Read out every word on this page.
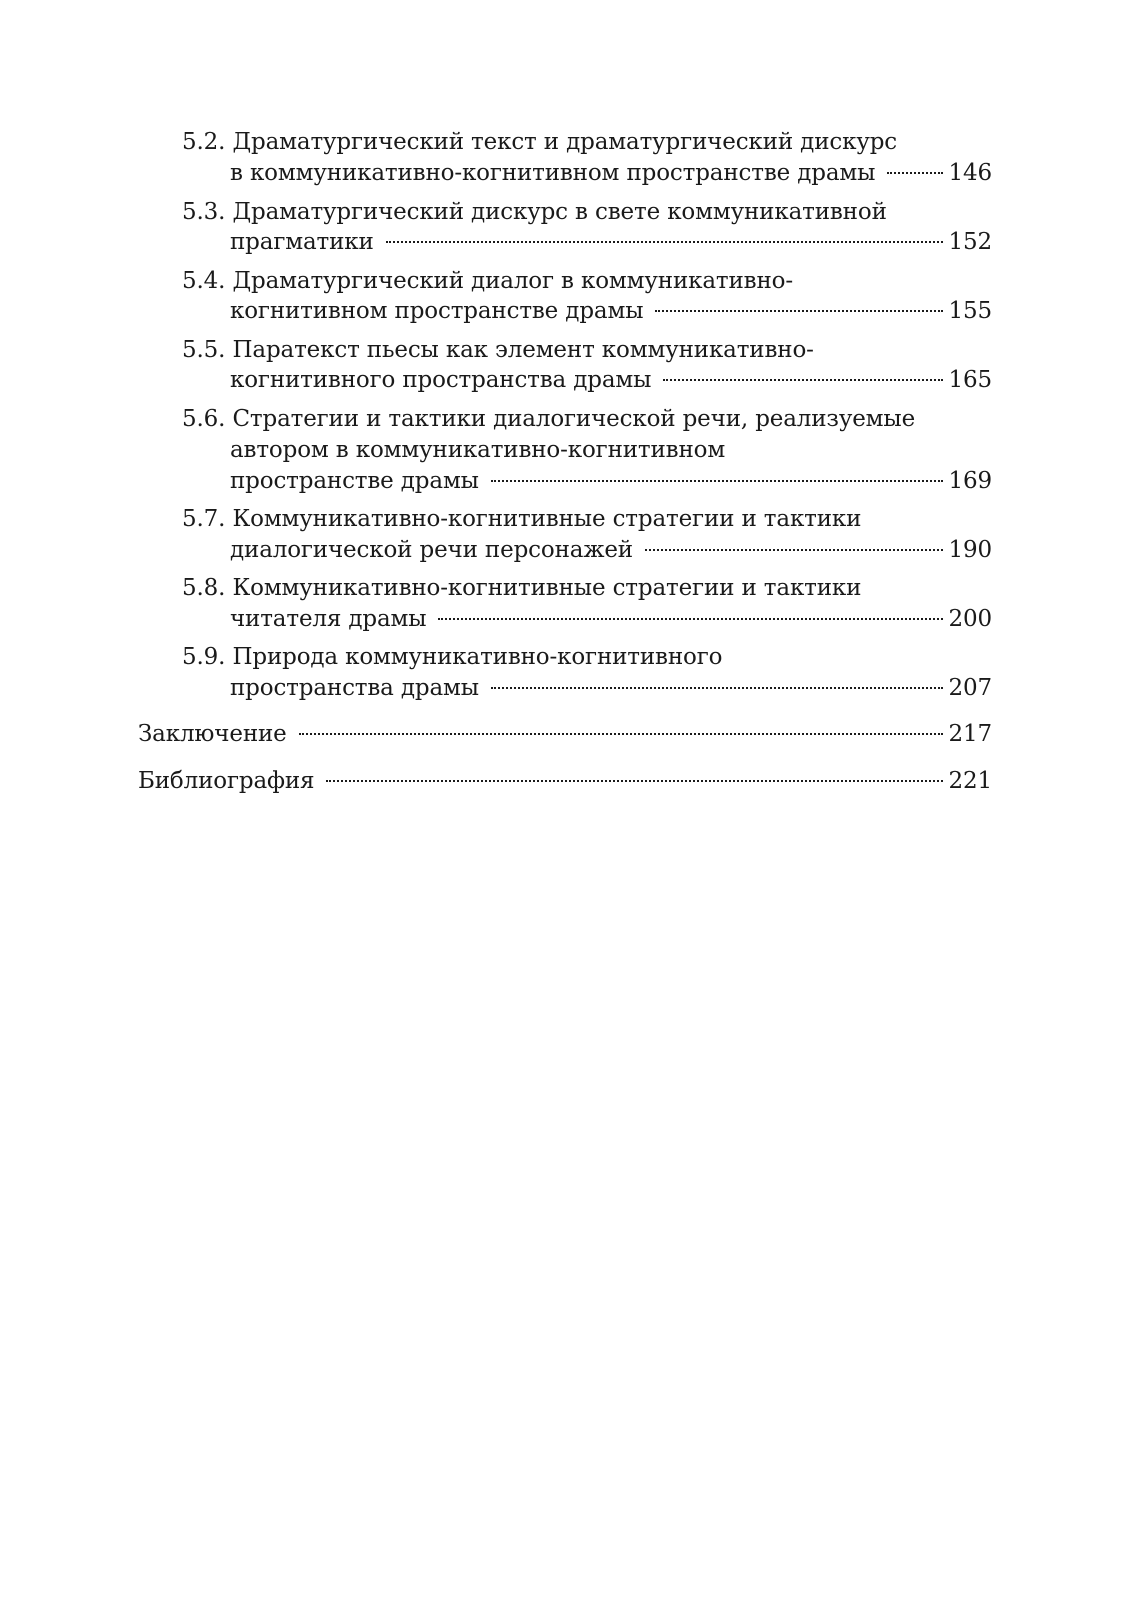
5.2. Драматургический текст и драматургический дискурс
в коммуникативно-когнитивном пространстве драмы	146
5.3. Драматургический дискурс в свете коммуникативной
прагматики	152
5.4. Драматургический диалог в коммуникативно-
когнитивном пространстве драмы	155
5.5. Паратекст пьесы как элемент коммуникативно-
когнитивного пространства драмы	165
5.6. Стратегии и тактики диалогической речи, реализуемые
автором в коммуникативно-когнитивном
пространстве драмы	169
5.7. Коммуникативно-когнитивные стратегии и тактики
диалогической речи персонажей	190
5.8. Коммуникативно-когнитивные стратегии и тактики
читателя драмы	200
5.9. Природа коммуникативно-когнитивного
пространства драмы	207
Заключение	217
Библиография	221
